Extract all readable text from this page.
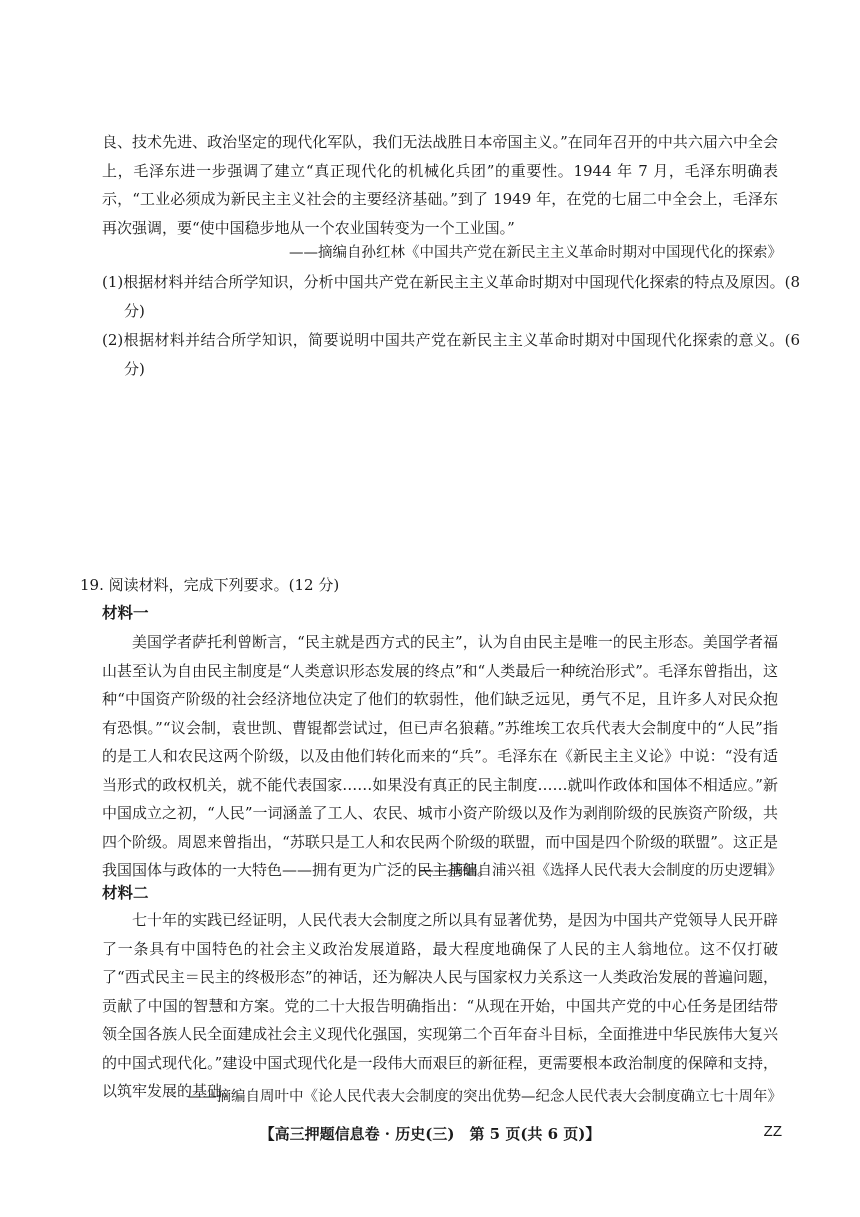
良、技术先进、政治坚定的现代化军队，我们无法战胜日本帝国主义。”在同年召开的中共六届六中全会上，毛泽东进一步强调了建立“真正现代化的机械化兵团”的重要性。1944 年 7 月，毛泽东明确表示，“工业必须成为新民主主义社会的主要经济基础。”到了 1949 年，在党的七届二中全会上，毛泽东再次强调，要“使中国稳步地从一个农业国转变为一个工业国。”

——摘编自孙红林《中国共产党在新民主主义革命时期对中国现代化的探索》

(1)根据材料并结合所学知识，分析中国共产党在新民主主义革命时期对中国现代化探索的特点及原因。(8 分)

(2)根据材料并结合所学知识，简要说明中国共产党在新民主主义革命时期对中国现代化探索的意义。(6 分)

19. 阅读材料，完成下列要求。(12 分)

材料一

美国学者萨托利曾断言，“民主就是西方式的民主”，认为自由民主是唯一的民主形态。美国学者福山甚至认为自由民主制度是“人类意识形态发展的终点”和“人类最后一种统治形式”。毛泽东曾指出，这种“中国资产阶级的社会经济地位决定了他们的软弱性，他们缺乏远见，勇气不足，且许多人对民众抱有恐惧。”“议会制，袁世凯、曹锟都尝试过，但已声名狼藉。”苏维埃工农兵代表大会制度中的“人民”指的是工人和农民这两个阶级，以及由他们转化而来的“兵”。毛泽东在《新民主主义论》中说：“没有适当形式的政权机关，就不能代表国家……如果没有真正的民主制度……就叫作政体和国体不相适应。”新中国成立之初，“人民”一词涵盖了工人、农民、城市小资产阶级以及作为剥削阶级的民族资产阶级，共四个阶级。周恩来曾指出，“苏联只是工人和农民两个阶级的联盟，而中国是四个阶级的联盟”。这正是我国国体与政体的一大特色——拥有更为广泛的民主基础。

——摘编自浦兴祖《选择人民代表大会制度的历史逻辑》

材料二

七十年的实践已经证明，人民代表大会制度之所以具有显著优势，是因为中国共产党领导人民开辟了一条具有中国特色的社会主义政治发展道路，最大程度地确保了人民的主人翁地位。这不仅打破了“西式民主＝民主的终极形态”的神话，还为解决人民与国家权力关系这一人类政治发展的普遍问题，贡献了中国的智慧和方案。党的二十大报告明确指出：“从现在开始，中国共产党的中心任务是团结带领全国各族人民全面建成社会主义现代化强国，实现第二个百年奋斗目标，全面推进中华民族伟大复兴的中国式现代化。”建设中国式现代化是一段伟大而艰巨的新征程，更需要根本政治制度的保障和支持，以筑牢发展的基础。

——摘编自周叶中《论人民代表大会制度的突出优势—纪念人民代表大会制度确立七十周年》

【高三押题信息卷 · 历史(三)　第 5 页(共 6 页)】	ZZ
